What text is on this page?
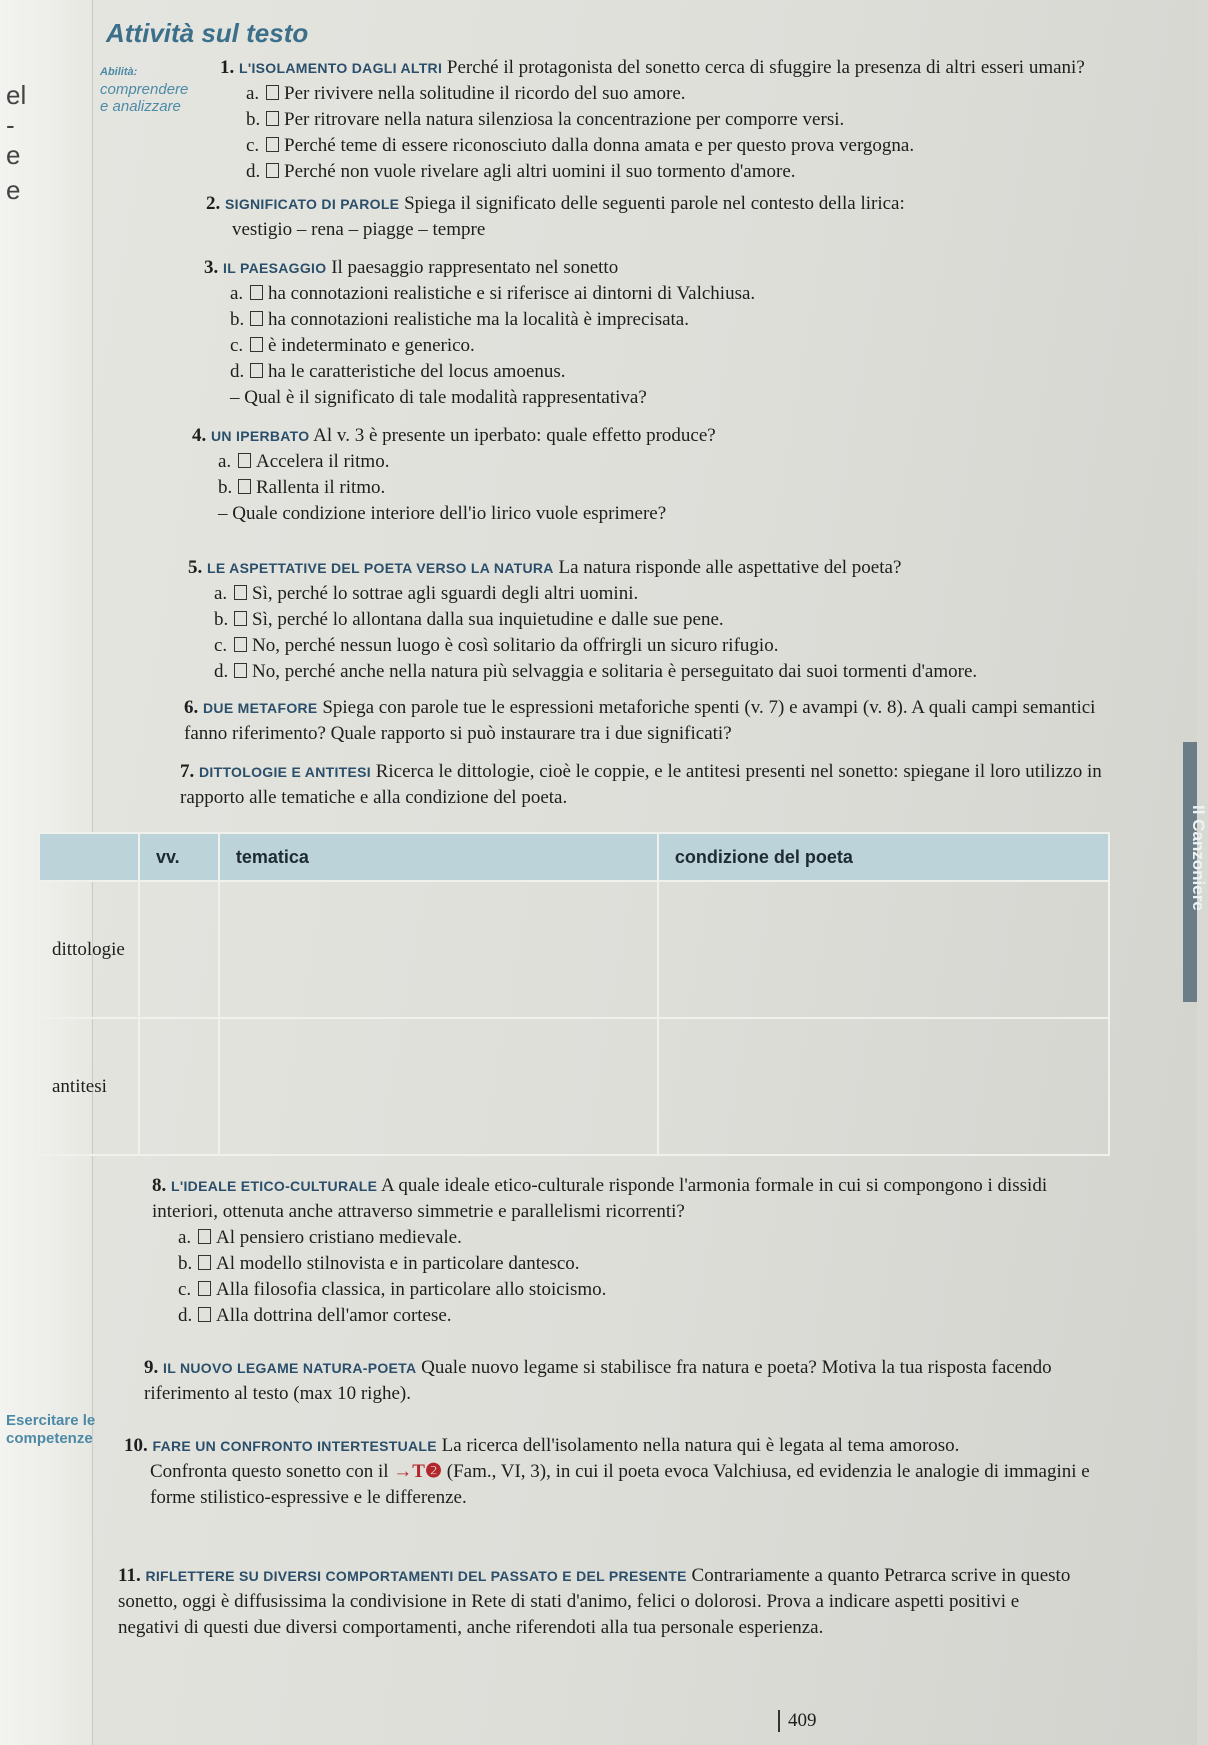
el
-
e
e
Attività sul testo
Abilità:
comprendere
e analizzare
Esercitare le competenze
1. L'ISOLAMENTO DAGLI ALTRI Perché il protagonista del sonetto cerca di sfuggire la presenza di altri esseri umani?
a. Per rivivere nella solitudine il ricordo del suo amore.
b. Per ritrovare nella natura silenziosa la concentrazione per comporre versi.
c. Perché teme di essere riconosciuto dalla donna amata e per questo prova vergogna.
d. Perché non vuole rivelare agli altri uomini il suo tormento d'amore.
2. SIGNIFICATO DI PAROLE Spiega il significato delle seguenti parole nel contesto della lirica:
vestigio – rena – piagge – tempre
3. IL PAESAGGIO Il paesaggio rappresentato nel sonetto
a. ha connotazioni realistiche e si riferisce ai dintorni di Valchiusa.
b. ha connotazioni realistiche ma la località è imprecisata.
c. è indeterminato e generico.
d. ha le caratteristiche del locus amoenus.
– Qual è il significato di tale modalità rappresentativa?
4. UN IPERBATO Al v. 3 è presente un iperbato: quale effetto produce?
a. Accelera il ritmo.
b. Rallenta il ritmo.
– Quale condizione interiore dell'io lirico vuole esprimere?
5. LE ASPETTATIVE DEL POETA VERSO LA NATURA La natura risponde alle aspettative del poeta?
a. Sì, perché lo sottrae agli sguardi degli altri uomini.
b. Sì, perché lo allontana dalla sua inquietudine e dalle sue pene.
c. No, perché nessun luogo è così solitario da offrirgli un sicuro rifugio.
d. No, perché anche nella natura più selvaggia e solitaria è perseguitato dai suoi tormenti d'amore.
6. DUE METAFORE Spiega con parole tue le espressioni metaforiche spenti (v. 7) e avampi (v. 8). A quali campi semantici fanno riferimento? Quale rapporto si può instaurare tra i due significati?
7. DITTOLOGIE E ANTITESI Ricerca le dittologie, cioè le coppie, e le antitesi presenti nel sonetto: spiegane il loro utilizzo in rapporto alle tematiche e alla condizione del poeta.
8. L'IDEALE ETICO-CULTURALE A quale ideale etico-culturale risponde l'armonia formale in cui si compongono i dissidi interiori, ottenuta anche attraverso simmetrie e parallelismi ricorrenti?
a. Al pensiero cristiano medievale.
b. Al modello stilnovista e in particolare dantesco.
c. Alla filosofia classica, in particolare allo stoicismo.
d. Alla dottrina dell'amor cortese.
9. IL NUOVO LEGAME NATURA-POETA Quale nuovo legame si stabilisce fra natura e poeta? Motiva la tua risposta facendo riferimento al testo (max 10 righe).
10. FARE UN CONFRONTO INTERTESTUALE La ricerca dell'isolamento nella natura qui è legata al tema amoroso.
Confronta questo sonetto con il →T❷ (Fam., VI, 3), in cui il poeta evoca Valchiusa, ed evidenzia le analogie di immagini e forme stilistico-espressive e le differenze.
11. RIFLETTERE SU DIVERSI COMPORTAMENTI DEL PASSATO E DEL PRESENTE Contrariamente a quanto Petrarca scrive in questo sonetto, oggi è diffusissima la condivisione in Rete di stati d'animo, felici o dolorosi. Prova a indicare aspetti positivi e negativi di questi due diversi comportamenti, anche riferendoti alla tua personale esperienza.
	vv.	tematica	condizione del poeta
dittologie			
antitesi			
Il Canzoniere
409
